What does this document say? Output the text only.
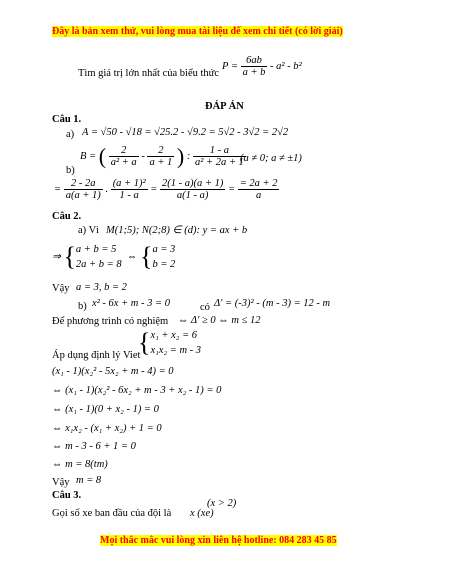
Đây là bản xem thử, vui lòng mua tài liệu để xem chi tiết (có lời giải)
Tìm giá trị lớn nhất của biểu thức
$P = \frac{6ab}{a + b} - a^2 - b^2$
ĐÁP ÁN
Câu 1.
a) A = √50 - √18 = √25.2 - √9.2 = 5√2 - 3√2 = 2√2
b)
B = ( $\frac{2}{\text{a² + a}} - \frac{2}{a + 1}$ ) : $\frac{1 - a}{\text{a² + 2a + 1}}$
(a ≠ 0; a ≠ ±1)
= $\frac{2 - 2a}{a(a + 1)}$ . $\frac{\text{(a + 1)²}}{1 - a} = \frac{2(1 - a)(a + 1)}{a(1 - a)} = \frac{= 2a + 2}{a}$
Câu 2.
a) Vì M(1;5); N(2;8) ∈ (d): y = ax + b
⇒ {a + b = 5
2a + b = 8  ⇔ {a = 3
b = 2
Vậy a = 3, b = 2
b) x² - 6x + m - 3 = 0	có Δ' = (-3)² - (m - 3) = 12 - m
Để phương trình có nghiệm ⇔ Δ' ≥ 0 ⇔ m ≤ 12
Áp dụng định lý Viet
{x₁ + x₂ = 6
x₁x₂ = m - 3
(x₁ - 1)(x₂² - 5x₂ + m - 4) = 0
⇔ (x₁ - 1)(x₂² - 6x₂ + m - 3 + x₂ - 1) = 0
⇔ (x₁ - 1)(0 + x₂ - 1) = 0
⇔ x₁x₂ - (x₁ + x₂) + 1 = 0
⇔ m - 3 - 6 + 1 = 0
⇔ m = 8(tm)
Vậy m = 8
Câu 3.
Gọi số xe ban đầu của đội là x (xe)
(x > 2)
Mọi thắc mắc vui lòng xin liên hệ hotline: 084 283 45 85
